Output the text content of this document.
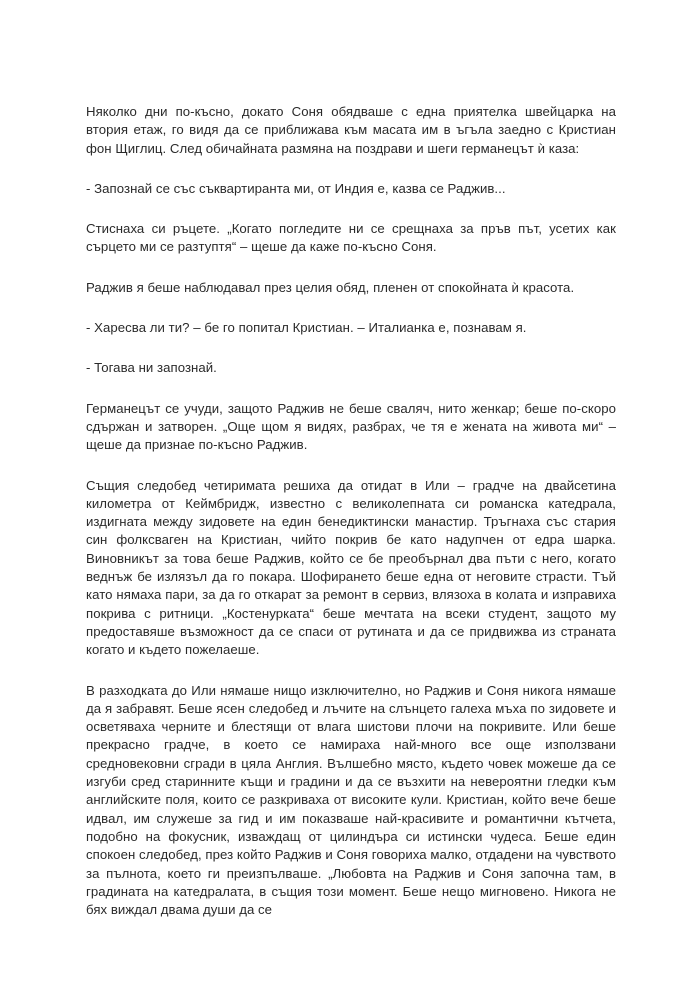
Няколко дни по-късно, докато Соня обядваше с една приятелка швейцарка на втория етаж, го видя да се приближава към масата им в ъгъла заедно с Кристиан фон Щиглиц. След обичайната размяна на поздрави и шеги германецът ѝ каза:

- Запознай се със съквартиранта ми, от Индия е, казва се Раджив...

Стиснаха си ръцете. „Когато погледите ни се срещнаха за пръв път, усетих как сърцето ми се разтуптя“ – щеше да каже по-късно Соня.

Раджив я беше наблюдавал през целия обяд, пленен от спокойната ѝ красота.

- Харесва ли ти? – бе го попитал Кристиан. – Италианка е, познавам я.

- Тогава ни запознай.

Германецът се учуди, защото Раджив не беше сваляч, нито женкар; беше по-скоро сдържан и затворен. „Още щом я видях, разбрах, че тя е жената на живота ми“ – щеше да признае по-късно Раджив.

Същия следобед четиримата решиха да отидат в Или – градче на двайсетина километра от Кеймбридж, известно с великолепната си романска катедрала, издигната между зидовете на един бенедиктински манастир. Тръгнаха със стария син фолксваген на Кристиан, чийто покрив бе като надупчен от едра шарка. Виновникът за това беше Раджив, който се бе преобърнал два пъти с него, когато веднъж бе излязъл да го покара. Шофирането беше една от неговите страсти. Тъй като нямаха пари, за да го откарат за ремонт в сервиз, влязоха в колата и изправиха покрива с ритници. „Костенурката“ беше мечтата на всеки студент, защото му предоставяше възможност да се спаси от рутината и да се придвижва из страната когато и където пожелаеше.

В разходката до Или нямаше нищо изключително, но Раджив и Соня никога нямаше да я забравят. Беше ясен следобед и лъчите на слънцето галеха мъха по зидовете и осветяваха черните и блестящи от влага шистови плочи на покривите. Или беше прекрасно градче, в което се намираха най-много все още използвани средновековни сгради в цяла Англия. Вълшебно място, където човек можеше да се изгуби сред старинните къщи и градини и да се възхити на невероятни гледки към английските поля, които се разкриваха от високите кули. Кристиан, който вече беше идвал, им служеше за гид и им показваше най-красивите и романтични кътчета, подобно на фокусник, изваждащ от цилиндъра си истински чудеса. Беше един спокоен следобед, през който Раджив и Соня говориха малко, отдадени на чувството за пълнота, което ги преизпълваше. „Любовта на Раджив и Соня започна там, в градината на катедралата, в същия този момент. Беше нещо мигновено. Никога не бях виждал двама души да се
